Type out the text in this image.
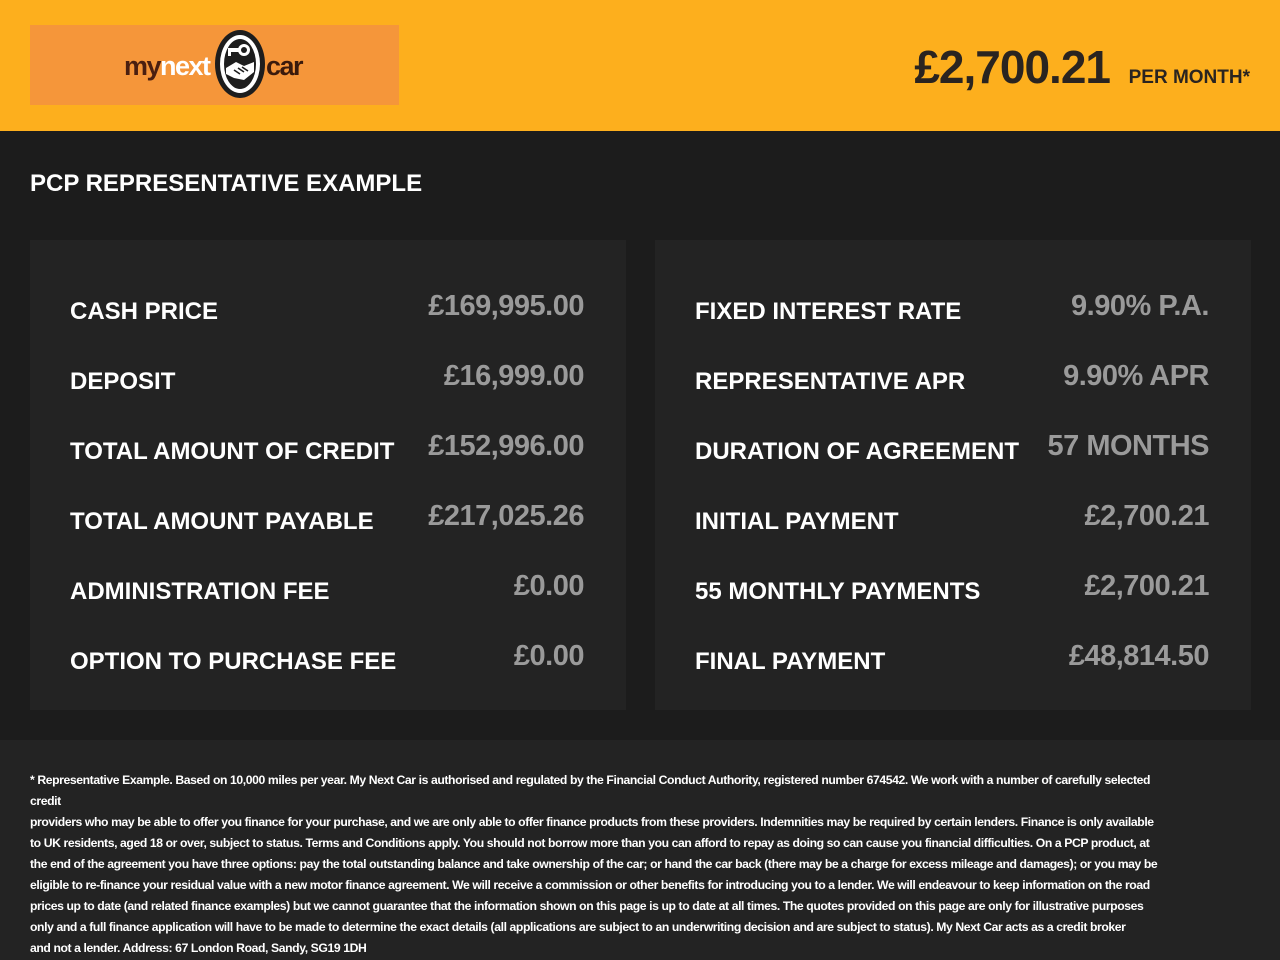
my next car	£2,700.21 PER MONTH*
PCP REPRESENTATIVE EXAMPLE
CASH PRICE	£169,995.00
DEPOSIT	£16,999.00
TOTAL AMOUNT OF CREDIT £152,996.00
TOTAL AMOUNT PAYABLE £217,025.26
ADMINISTRATION FEE	£0.00
OPTION TO PURCHASE FEE	£0.00
FIXED INTEREST RATE	9.90% P.A.
REPRESENTATIVE APR	9.90% APR
DURATION OF AGREEMENT 57 MONTHS
INITIAL PAYMENT	£2,700.21
55 MONTHLY PAYMENTS	£2,700.21
FINAL PAYMENT	£48,814.50
* Representative Example. Based on 10,000 miles per year. My Next Car is authorised and regulated by the Financial Conduct Authority, registered number 674542. We work with a number of carefully selected credit
providers who may be able to offer you finance for your purchase, and we are only able to offer finance products from these providers. Indemnities may be required by certain lenders. Finance is only available
to UK residents, aged 18 or over, subject to status. Terms and Conditions apply. You should not borrow more than you can afford to repay as doing so can cause you financial difficulties. On a PCP product, at
the end of the agreement you have three options: pay the total outstanding balance and take ownership of the car; or hand the car back (there may be a charge for excess mileage and damages); or you may be
eligible to re-finance your residual value with a new motor finance agreement. We will receive a commission or other benefits for introducing you to a lender. We will endeavour to keep information on the road
prices up to date (and related finance examples) but we cannot guarantee that the information shown on this page is up to date at all times. The quotes provided on this page are only for illustrative purposes
only and a full finance application will have to be made to determine the exact details (all applications are subject to an underwriting decision and are subject to status). My Next Car acts as a credit broker
and not a lender. Address: 67 London Road, Sandy, SG19 1DH
